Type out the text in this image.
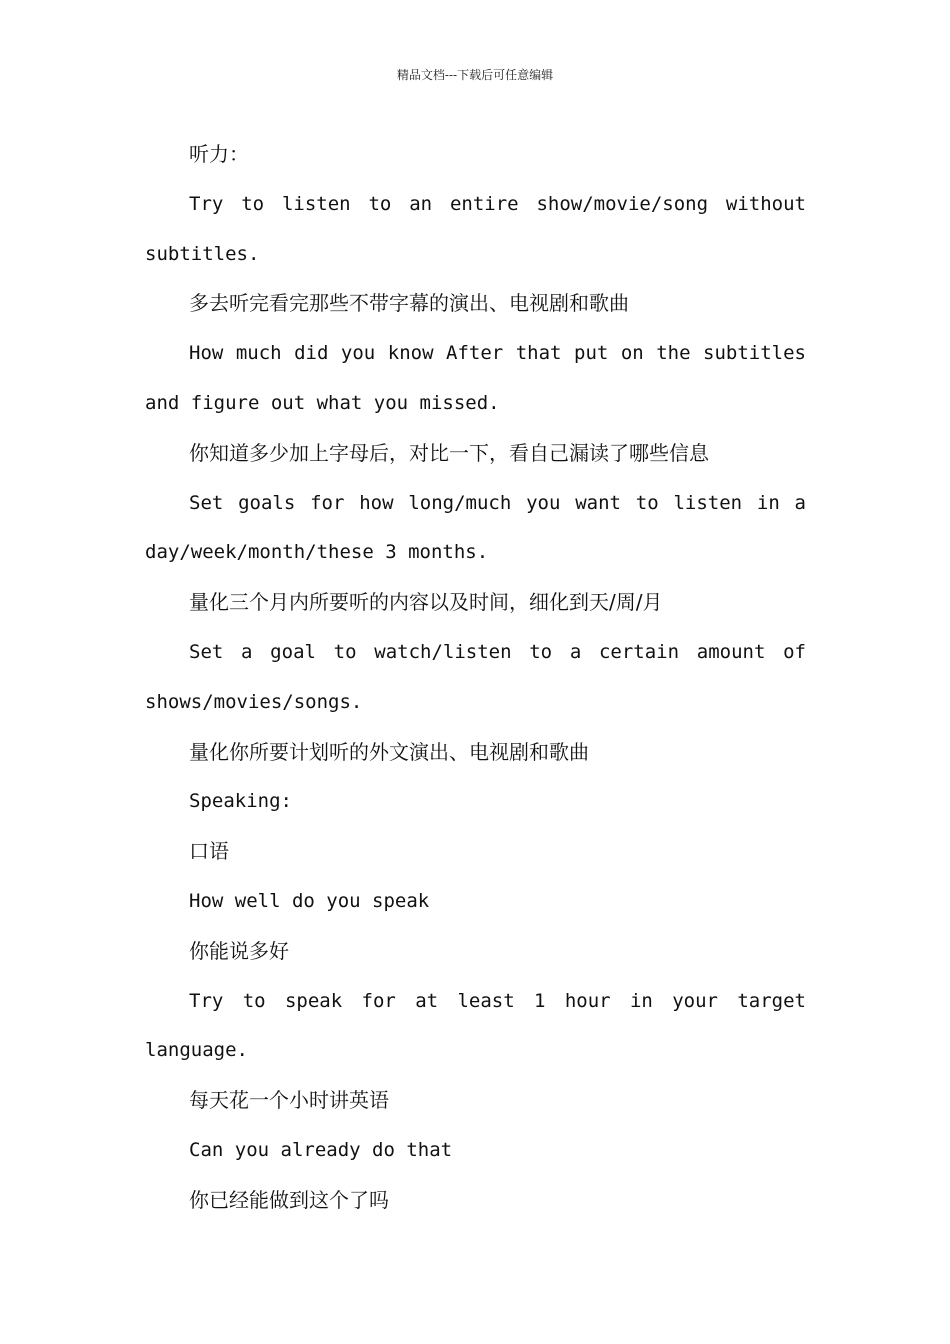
精品文档---下载后可任意编辑

听力：

Try to listen to an entire show/movie/song without subtitles.

多去听完看完那些不带字幕的演出、电视剧和歌曲

How much did you know After that put on the subtitles and figure out what you missed.

你知道多少加上字母后，对比一下，看自己漏读了哪些信息

Set goals for how long/much you want to listen in a day/week/month/these 3 months.

量化三个月内所要听的内容以及时间，细化到天/周/月

Set a goal to watch/listen to a certain amount of shows/movies/songs.

量化你所要计划听的外文演出、电视剧和歌曲

Speaking:

口语

How well do you speak

你能说多好

Try to speak for at least 1 hour in your target language.

每天花一个小时讲英语

Can you already do that

你已经能做到这个了吗
